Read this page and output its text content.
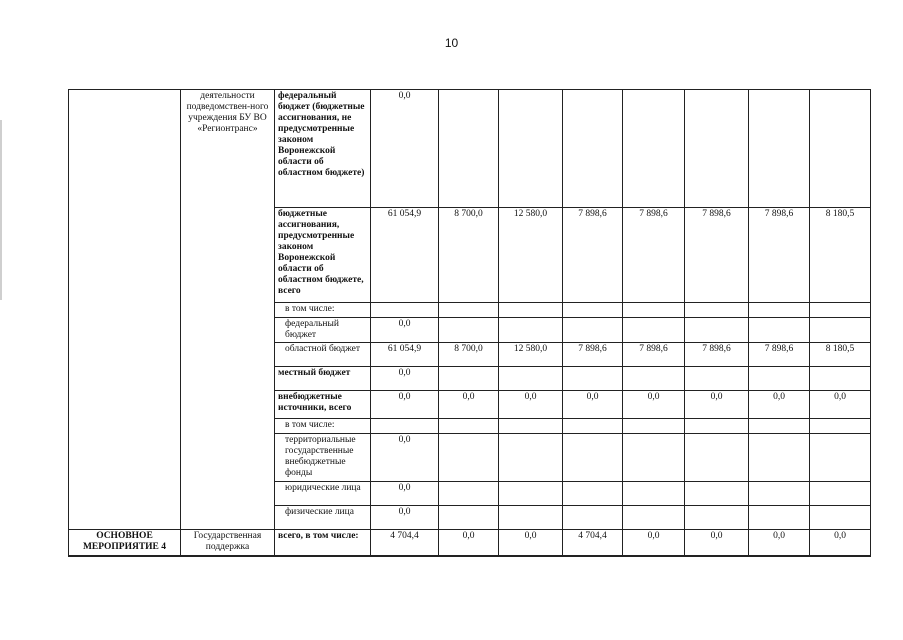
10
	деятельности подведомствен-ного учреждения БУ ВО «Регионтранс»	федеральный бюджет (бюджетные ассигнования, не предусмотренные законом Воронежской области об областном бюджете)	0,0							
		бюджетные ассигнования, предусмотренные законом Воронежской области об областном бюджете, всего	61 054,9	8 700,0	12 580,0	7 898,6	7 898,6	7 898,6	7 898,6	8 180,5
		в том числе:								
		федеральный бюджет	0,0							
		областной бюджет	61 054,9	8 700,0	12 580,0	7 898,6	7 898,6	7 898,6	7 898,6	8 180,5
		местный бюджет	0,0							
		внебюджетные источники, всего	0,0	0,0	0,0	0,0	0,0	0,0	0,0	0,0
		в том числе:								
		территориальные государственные внебюджетные фонды	0,0							
		юридические лица	0,0							
		физические лица	0,0							
ОСНОВНОЕ МЕРОПРИЯТИЕ 4	Государственная поддержка	всего, в том числе:	4 704,4	0,0	0,0	4 704,4	0,0	0,0	0,0	0,0
